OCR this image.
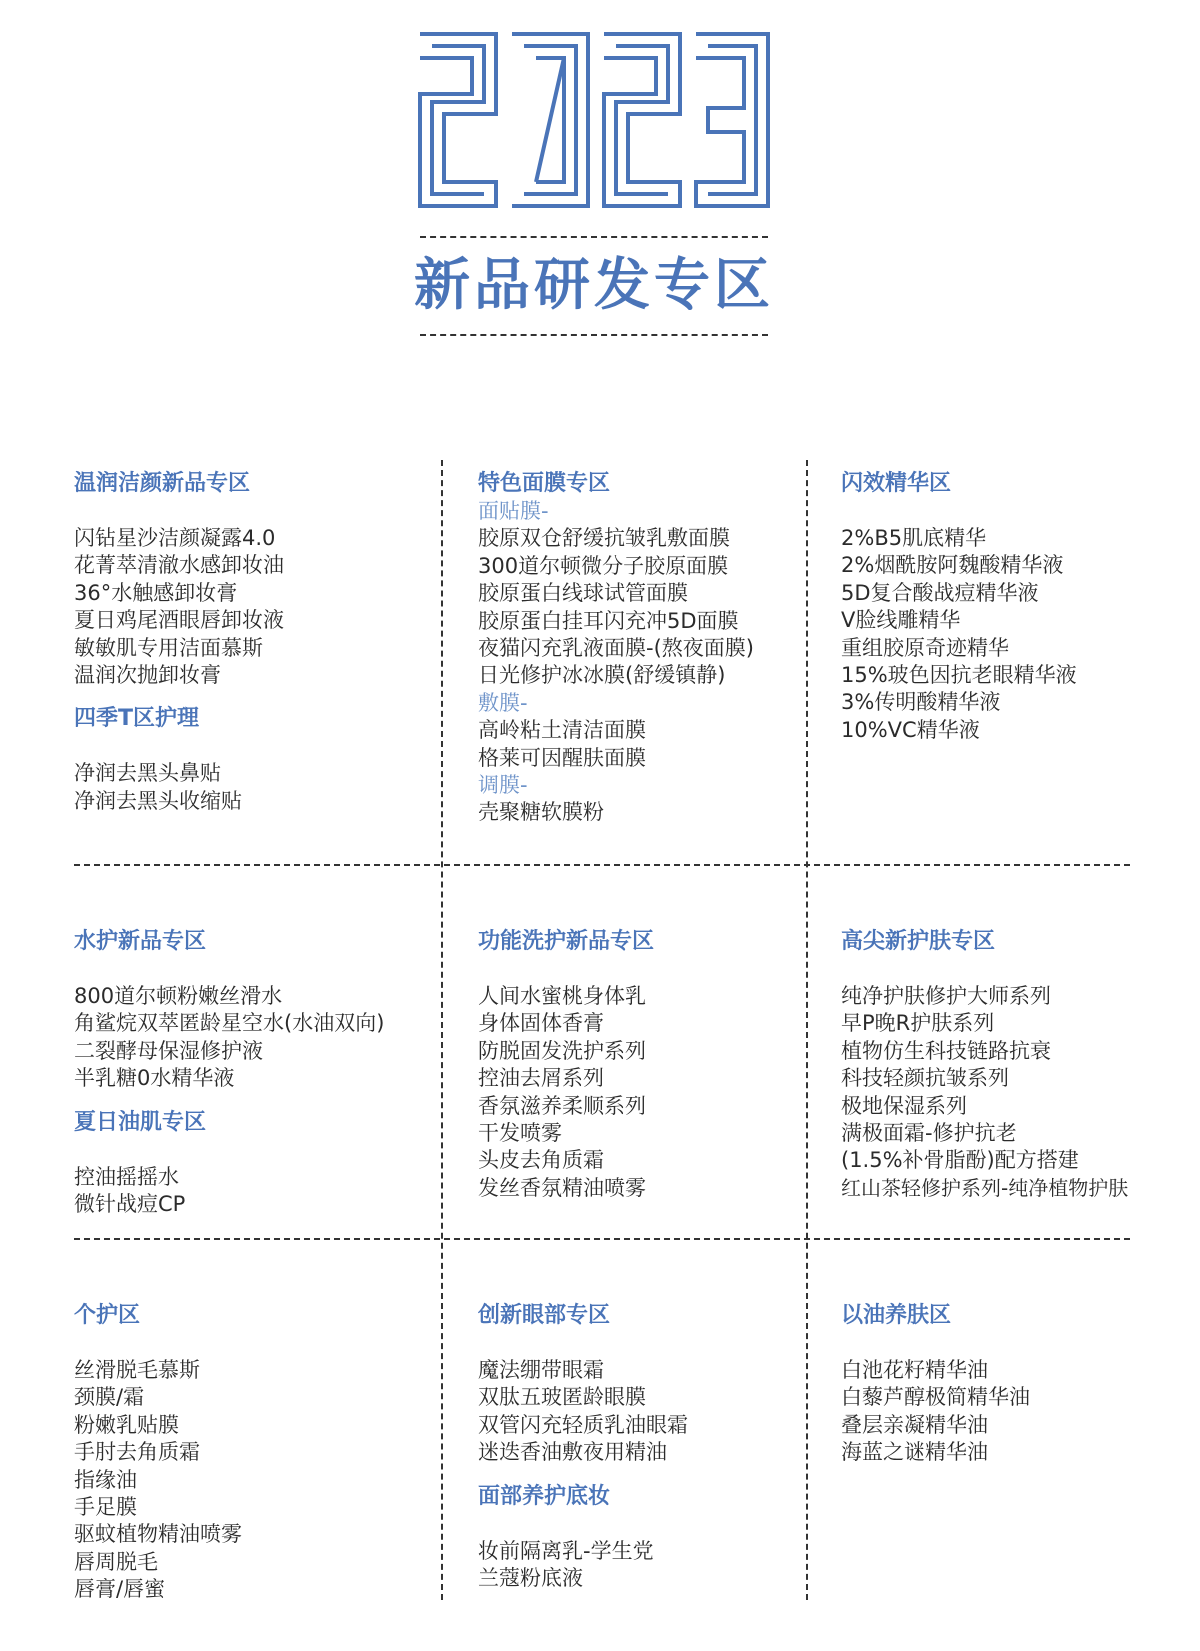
新品研发专区
温润洁颜新品专区
闪钻星沙洁颜凝露4.0
花菁萃清澈水感卸妆油
36°水触感卸妆膏
夏日鸡尾酒眼唇卸妆液
敏敏肌专用洁面慕斯
温润次抛卸妆膏
四季T区护理
净润去黑头鼻贴
净润去黑头收缩贴
特色面膜专区
面贴膜-
胶原双仓舒缓抗皱乳敷面膜
300道尔顿微分子胶原面膜
胶原蛋白线球试管面膜
胶原蛋白挂耳闪充冲5D面膜
夜猫闪充乳液面膜-(熬夜面膜)
日光修护冰冰膜(舒缓镇静)
敷膜-
高岭粘土清洁面膜
格莱可因醒肤面膜
调膜-
壳聚糖软膜粉
闪效精华区
2%B5肌底精华
2%烟酰胺阿魏酸精华液
5D复合酸战痘精华液
V脸线雕精华
重组胶原奇迹精华
15%玻色因抗老眼精华液
3%传明酸精华液
10%VC精华液
水护新品专区
800道尔顿粉嫩丝滑水
角鲨烷双萃匿龄星空水(水油双向)
二裂酵母保湿修护液
半乳糖0水精华液
夏日油肌专区
控油摇摇水
微针战痘CP
功能洗护新品专区
人间水蜜桃身体乳
身体固体香膏
防脱固发洗护系列
控油去屑系列
香氛滋养柔顺系列
干发喷雾
头皮去角质霜
发丝香氛精油喷雾
高尖新护肤专区
纯净护肤修护大师系列
早P晚R护肤系列
植物仿生科技链路抗衰
科技轻颜抗皱系列
极地保湿系列
满极面霜-修护抗老
(1.5%补骨脂酚)配方搭建
红山茶轻修护系列-纯净植物护肤
个护区
丝滑脱毛慕斯
颈膜/霜
粉嫩乳贴膜
手肘去角质霜
指缘油
手足膜
驱蚊植物精油喷雾
唇周脱毛
唇膏/唇蜜
创新眼部专区
魔法绷带眼霜
双肽五玻匿龄眼膜
双管闪充轻质乳油眼霜
迷迭香油敷夜用精油
面部养护底妆
妆前隔离乳-学生党
兰蔻粉底液
以油养肤区
白池花籽精华油
白藜芦醇极简精华油
叠层亲凝精华油
海蓝之谜精华油
